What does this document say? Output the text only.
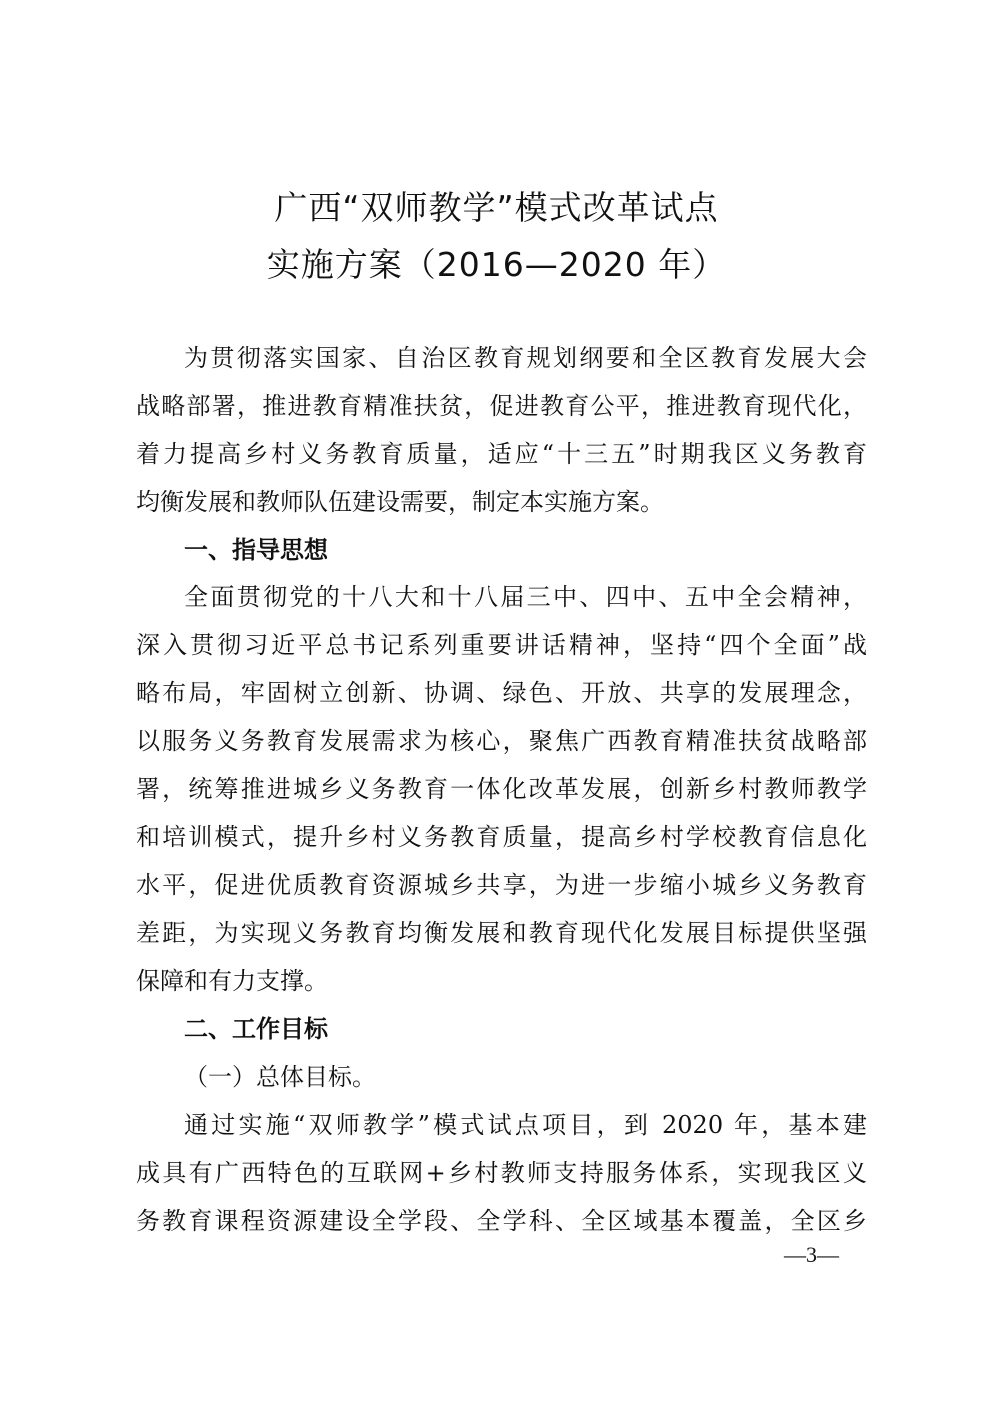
广西“双师教学”模式改革试点
实施方案（2016—2020 年）
为贯彻落实国家、自治区教育规划纲要和全区教育发展大会
战略部署，推进教育精准扶贫，促进教育公平，推进教育现代化，
着力提高乡村义务教育质量，适应“十三五”时期我区义务教育
均衡发展和教师队伍建设需要，制定本实施方案。
一、指导思想
全面贯彻党的十八大和十八届三中、四中、五中全会精神，
深入贯彻习近平总书记系列重要讲话精神，坚持“四个全面”战
略布局，牢固树立创新、协调、绿色、开放、共享的发展理念，
以服务义务教育发展需求为核心，聚焦广西教育精准扶贫战略部
署，统筹推进城乡义务教育一体化改革发展，创新乡村教师教学
和培训模式，提升乡村义务教育质量，提高乡村学校教育信息化
水平，促进优质教育资源城乡共享，为进一步缩小城乡义务教育
差距，为实现义务教育均衡发展和教育现代化发展目标提供坚强
保障和有力支撑。
二、工作目标
（一）总体目标。
通过实施“双师教学”模式试点项目，到 2020 年，基本建
成具有广西特色的互联网+乡村教师支持服务体系，实现我区义
务教育课程资源建设全学段、全学科、全区域基本覆盖，全区乡
—3—
